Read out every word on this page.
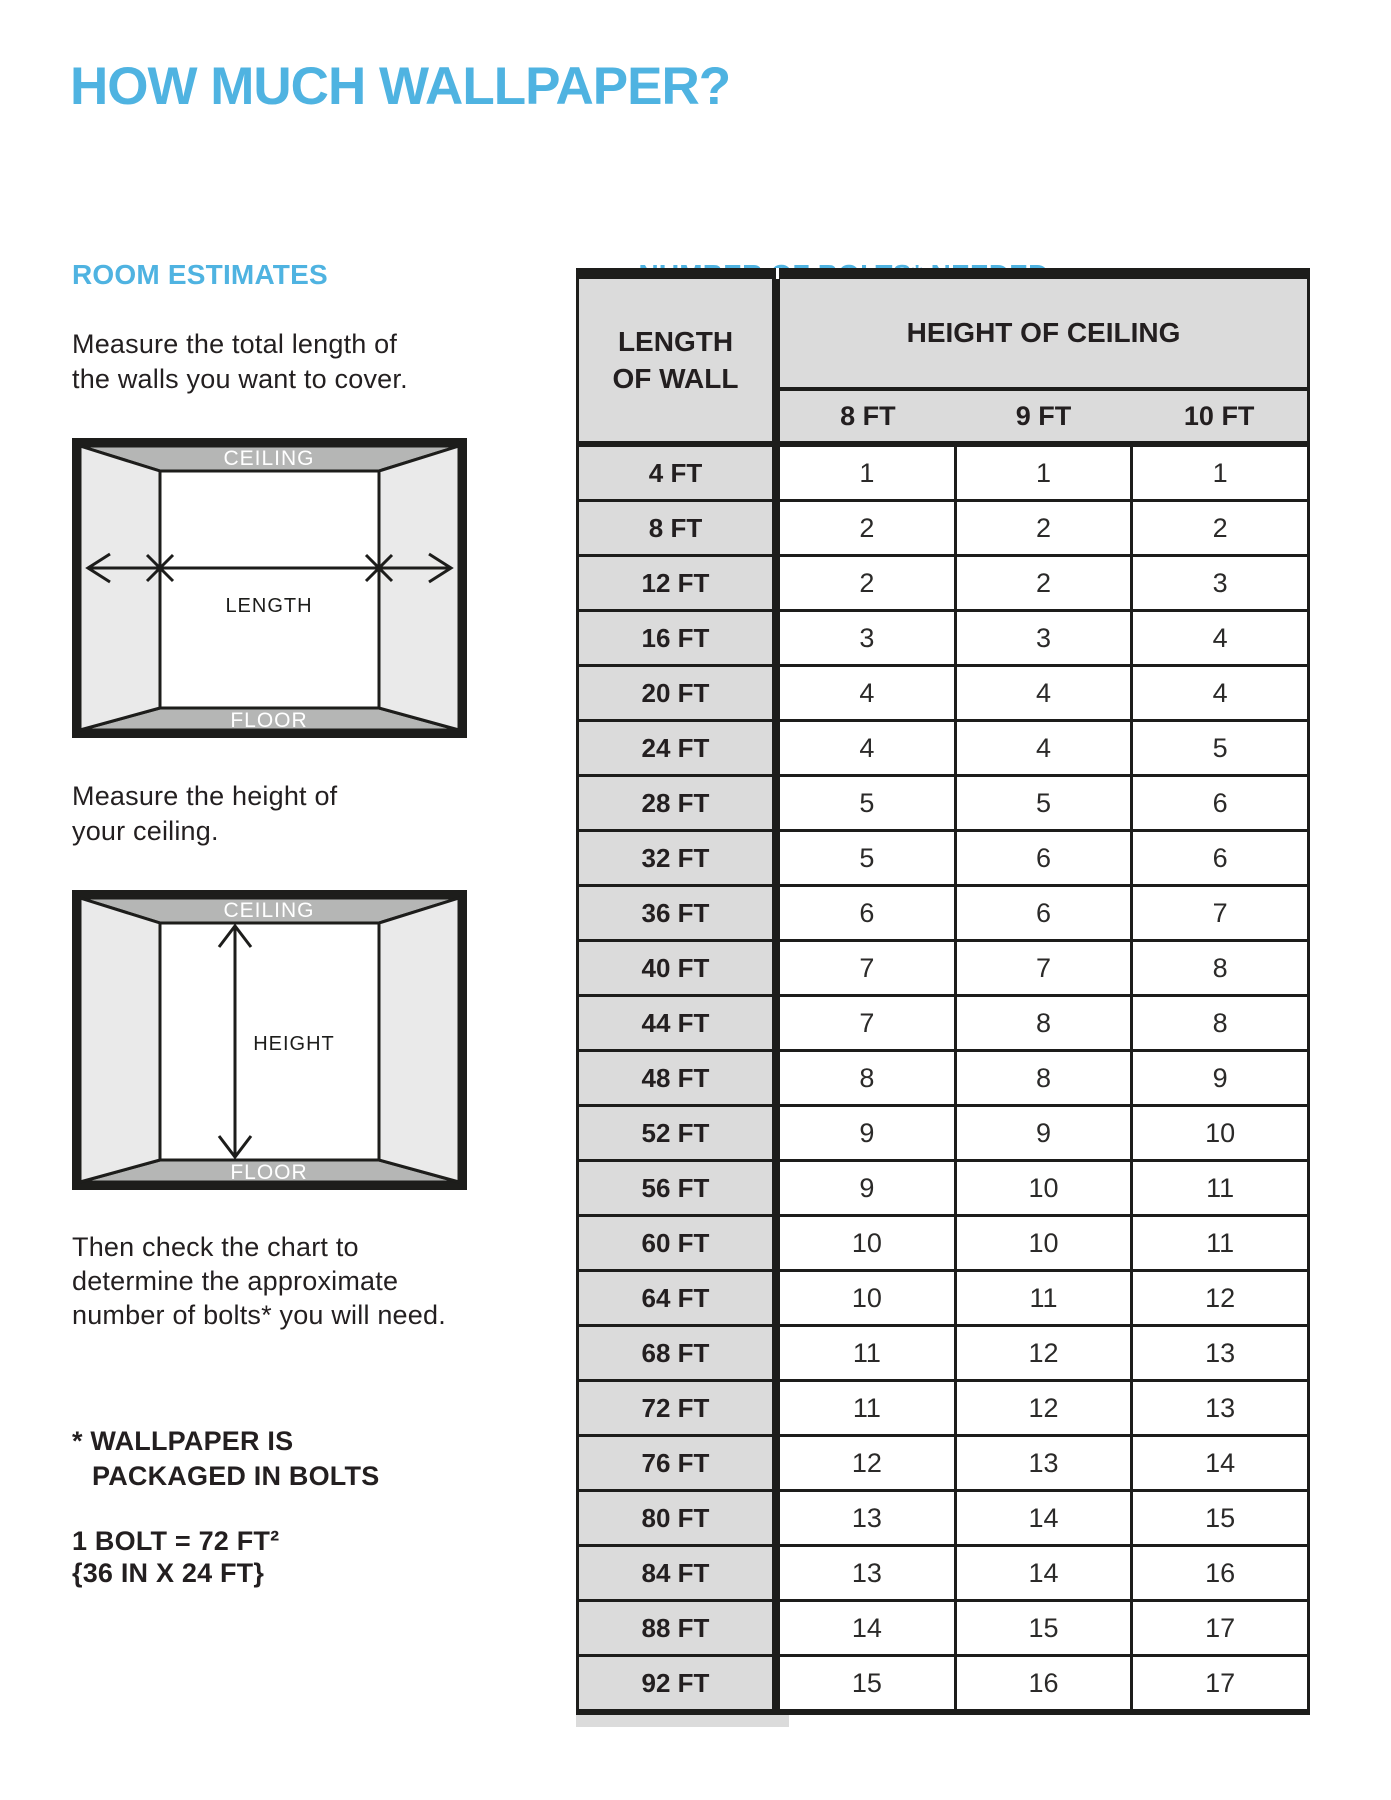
HOW MUCH WALLPAPER?
ROOM ESTIMATES
Measure the total length of
the walls you want to cover.
CEILING
FLOOR
LENGTH
Measure the height of
your ceiling.
CEILING
FLOOR
HEIGHT
Then check the chart to
determine the approximate
number of bolts* you will need.
* WALLPAPER IS
PACKAGED IN BOLTS
1 BOLT = 72 FT²
{36 IN X 24 FT}
LENGTH
OF WALL
HEIGHT OF CEILING
8 FT	9 FT	10 FT
4 FT	1	1	1
8 FT	2	2	2
12 FT	2	2	3
16 FT	3	3	4
20 FT	4	4	4
24 FT	4	4	5
28 FT	5	5	6
32 FT	5	6	6
36 FT	6	6	7
40 FT	7	7	8
44 FT	7	8	8
48 FT	8	8	9
52 FT	9	9	10
56 FT	9	10	11
60 FT	10	10	11
64 FT	10	11	12
68 FT	11	12	13
72 FT	11	12	13
76 FT	12	13	14
80 FT	13	14	15
84 FT	13	14	16
88 FT	14	15	17
92 FT	15	16	17
